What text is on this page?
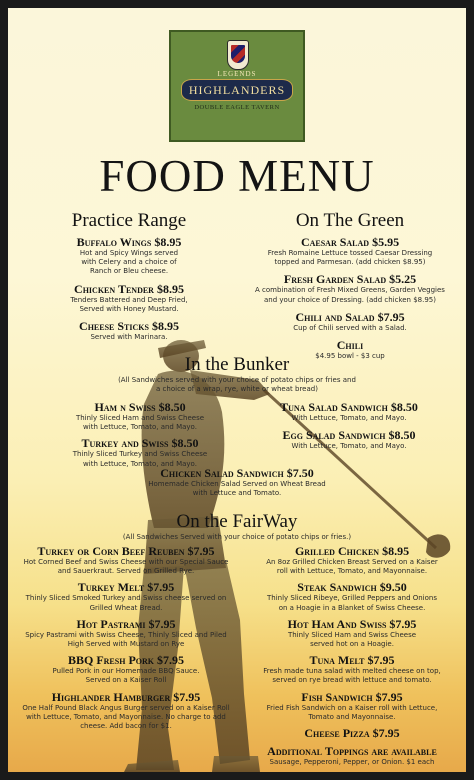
LEGENDS
HIGHLANDERS
DOUBLE EAGLE TAVERN
FOOD MENU
Practice Range
Buffalo Wings $8.95
Hot and Spicy Wings served
with Celery and a choice of
Ranch or Bleu cheese.
Chicken Tender $8.95
Tenders Battered and Deep Fried,
Served with Honey Mustard.
Cheese Sticks $8.95
Served with Marinara.
On The Green
Caesar Salad $5.95
Fresh Romaine Lettuce tossed Caesar Dressing
topped and Parmesan. (add chicken $8.95)
Fresh Garden Salad $5.25
A combination of Fresh Mixed Greens, Garden Veggies
and your choice of Dressing. (add chicken $8.95)
Chili and Salad $7.95
Cup of Chili served with a Salad.
Chili
$4.95 bowl - $3 cup
In the Bunker
(All Sandwiches served with your choice of potato chips or fries and
a choice of a wrap, rye, white or wheat bread)
Ham n Swiss $8.50
Thinly Sliced Ham and Swiss Cheese
with Lettuce, Tomato, and Mayo.
Turkey and Swiss $8.50
Thinly Sliced Turkey and Swiss Cheese
with Lettuce, Tomato, and Mayo.
Tuna Salad Sandwich $8.50
With Lettuce, Tomato, and Mayo.
Egg Salad Sandwich $8.50
With Lettuce, Tomato, and Mayo.
Chicken Salad Sandwich $7.50
Homemade Chicken Salad Served on Wheat Bread
with Lettuce and Tomato.
On the FairWay
(All Sandwiches Served with your choice of potato chips or fries.)
Turkey or Corn Beef Reuben $7.95
Hot Corned Beef and Swiss Cheese with our Special Sauce
and Sauerkraut. Served on Grilled Rye.
Turkey Melt $7.95
Thinly Sliced Smoked Turkey and Swiss cheese served on
Grilled Wheat Bread.
Hot Pastrami $7.95
Spicy Pastrami with Swiss Cheese, Thinly Sliced and Piled
High Served with Mustard on Rye
BBQ Fresh Pork $7.95
Pulled Pork in our Homemade BBQ Sauce.
Served on a Kaiser Roll
Highlander Hamburger $7.95
One Half Pound Black Angus Burger served on a Kaiser Roll
with Lettuce, Tomato, and Mayonnaise. No charge to add
cheese. Add bacon for $1.
Grilled Chicken $8.95
An 8oz Grilled Chicken Breast Served on a Kaiser
roll with Lettuce, Tomato, and Mayonnaise.
Steak Sandwich $9.50
Thinly Sliced Ribeye, Grilled Peppers and Onions
on a Hoagie in a Blanket of Swiss Cheese.
Hot Ham And Swiss $7.95
Thinly Sliced Ham and Swiss Cheese
served hot on a Hoagie.
Tuna Melt $7.95
Fresh made tuna salad with melted cheese on top,
served on rye bread with lettuce and tomato.
Fish Sandwich $7.95
Fried Fish Sandwich on a Kaiser roll with Lettuce,
Tomato and Mayonnaise.
Cheese Pizza $7.95
Additional Toppings are available
Sausage, Pepperoni, Pepper, or Onion. $1 each
